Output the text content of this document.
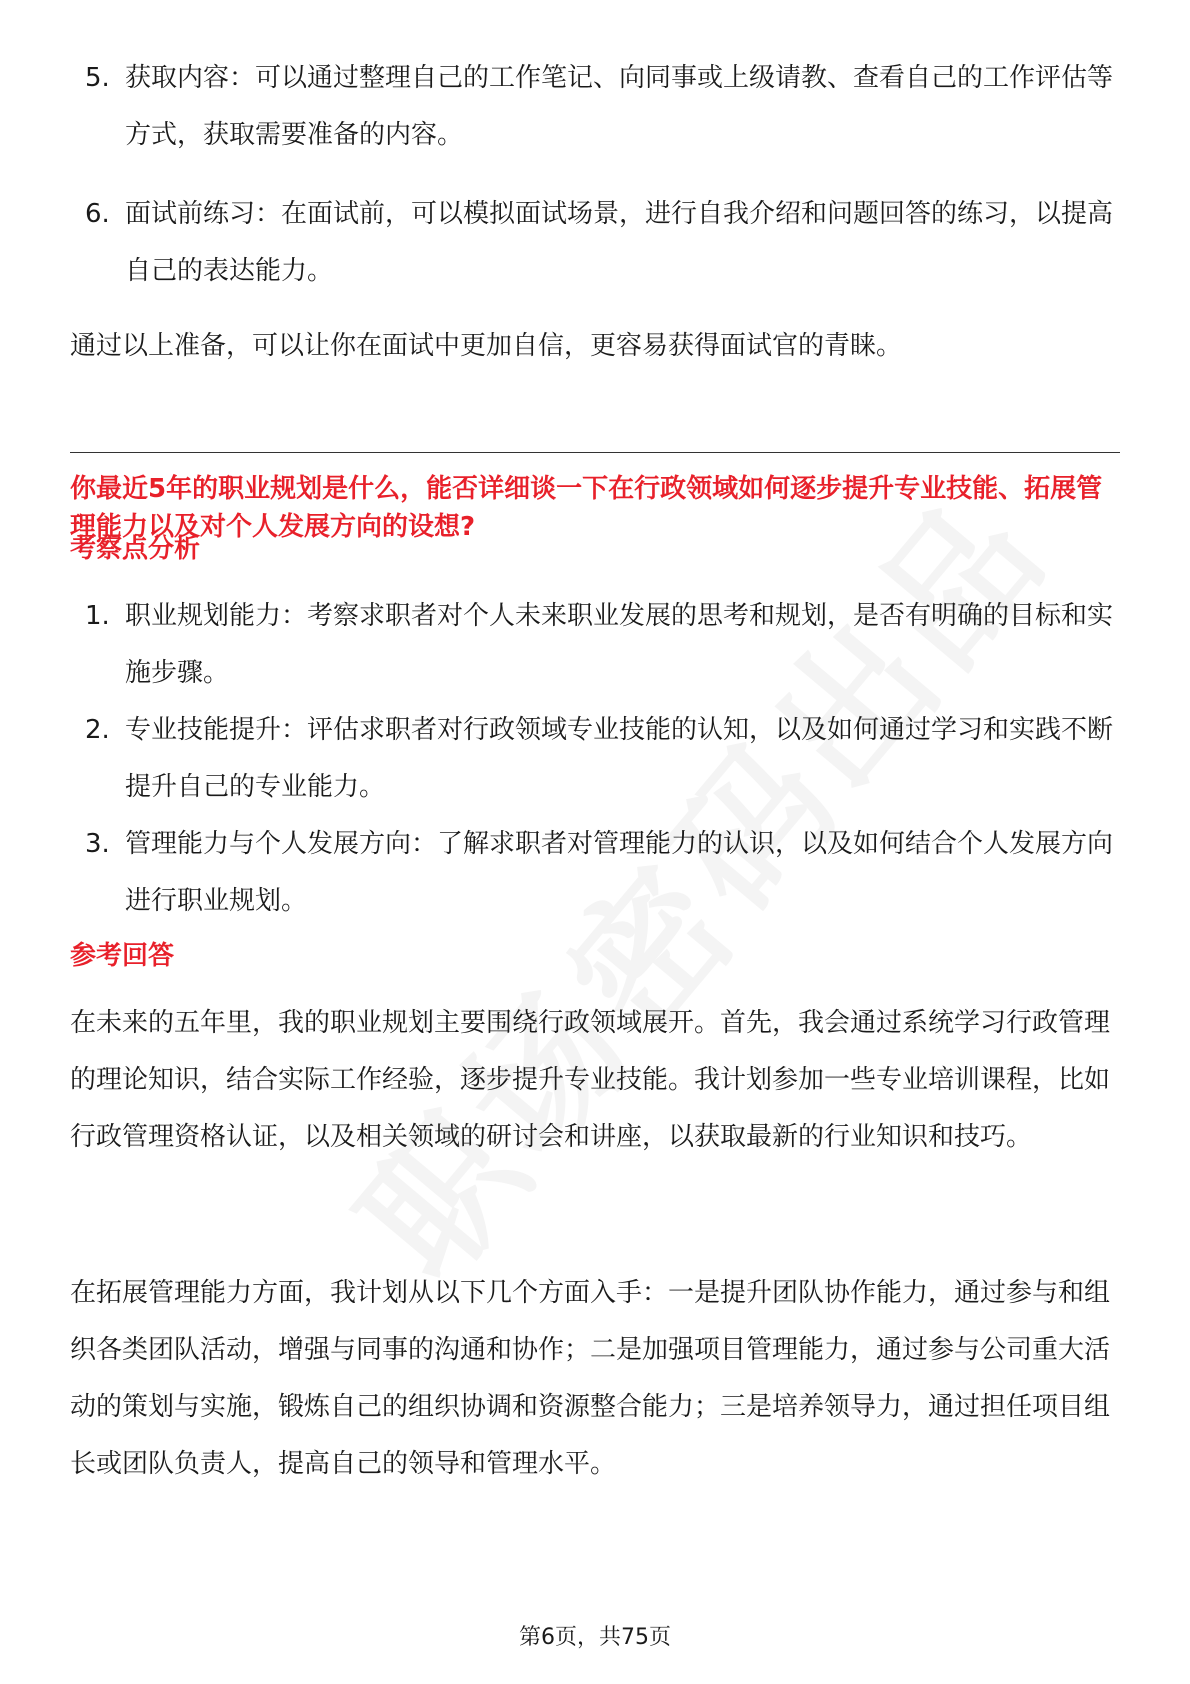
5. 获取内容：可以通过整理自己的工作笔记、向同事或上级请教、查看自己的工作评估等方式，获取需要准备的内容。
6. 面试前练习：在面试前，可以模拟面试场景，进行自我介绍和问题回答的练习，以提高自己的表达能力。

通过以上准备，可以让你在面试中更加自信，更容易获得面试官的青睐。

你最近5年的职业规划是什么，能否详细谈一下在行政领域如何逐步提升专业技能、拓展管理能力以及对个人发展方向的设想?

考察点分析
1. 职业规划能力：考察求职者对个人未来职业发展的思考和规划，是否有明确的目标和实施步骤。
2. 专业技能提升：评估求职者对行政领域专业技能的认知，以及如何通过学习和实践不断提升自己的专业能力。
3. 管理能力与个人发展方向：了解求职者对管理能力的认识，以及如何结合个人发展方向进行职业规划。
参考回答

在未来的五年里，我的职业规划主要围绕行政领域展开。首先，我会通过系统学习行政管理的理论知识，结合实际工作经验，逐步提升专业技能。我计划参加一些专业培训课程，比如行政管理资格认证，以及相关领域的研讨会和讲座，以获取最新的行业知识和技巧。

在拓展管理能力方面，我计划从以下几个方面入手：一是提升团队协作能力，通过参与和组织各类团队活动，增强与同事的沟通和协作；二是加强项目管理能力，通过参与公司重大活动的策划与实施，锻炼自己的组织协调和资源整合能力；三是培养领导力，通过担任项目组长或团队负责人，提高自己的领导和管理水平。

第6页，共75页
